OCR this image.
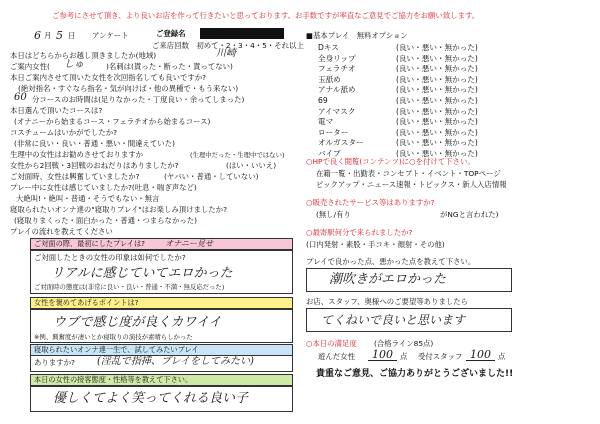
ご参考にさせて頂き、より良いお店を作って行きたいと思っております。お手数ですが率直なご意見でご協力をお願い致します。
6 月 5 日 アンケート	ご登録名
ご来店回数　初めて・2・3・4・5・それ以上
本日はどちらからお越し頂きましたか(地域)	川崎
ご案内女性( しゅ	)名刺は(貰った・断った・貰ってない)
本日ご案内させて頂いた女性を次回指名しても良いですか?
(絶対指名・すぐなら指名・気が向けば・他の異種で・もう来ない)
60 分コースのお時間は(足りなかった・丁度良い・余ってしまった)
本日選んで頂いたコースは?
(オナニーから始まるコース・フェラチオから始まるコース)
コスチュームはいかがでしたか?
(非常に良い・良い・普通・悪い・間違えていた)
生理中の女性はお勧めさせておりますか	(生理中だった・生理中ではない)
女性から2回戦・3回戦のおねだりはありましたか?	(はい・いいえ)
ご対面時、女性は興奮していましたか?	(ヤバい・普通・していない)
プレー中に女性は感じていましたか?(吐息・喘ぎ声など)
大絶叫!・絶叫・普通・そうでもない・無言
寝取られたいオンナ達の"寝取りプレイ"はお楽しみ頂けましたか?
(寝取りまくった・面白かった・普通・つまらなかった)
プレイの流れを教えてください
ご対面の際、最初にしたプレイは?	オナニー見せ
ご対面したときの女性の印象は如何でしたか?
リアルに感じていてエロかった
ご対面時の態度は(非常に良い・良い・普通・不満・無反応だった)
女性を褒めてあげるポイントは?
ウブで感じ度が良くカワイイ
※例、興奮度が凄いとか寝取りの演技が素晴らしかった
寝取られたいオンナ達一生で、試してみたいプレイ
ありますか? (淫乱で指挿、プレイをしてみたい)
本日の女性の接客態度・性格等を教えて下さい。
優しくてよく笑ってくれる良い子
■基本プレイ　無料オプション
Dキス	(良い・悪い・無かった)
全身リップ	(良い・悪い・無かった)
フェラチオ	(良い・悪い・無かった)
玉舐め	(良い・悪い・無かった)
アナル舐め	(良い・悪い・無かった)
69	(良い・悪い・無かった)
アイマスク	(良い・悪い・無かった)
電マ	(良い・悪い・無かった)
ローター	(良い・悪い・無かった)
オルガスター	(良い・悪い・無かった)
バイブ	(良い・悪い・無かった)
○HPで良く閲覧(コンテンツ)に○を付けて下さい。
在籍一覧・出勤表・コンセプト・イベント・TOPページ
ピックアップ・ニュース速報・トピックス・新人入店情報
○販売されたサービス等はありますか?
(無し/有り	がNGと言われた)
○最寄駅何分で来られましたか?
(口内発射・素股・手コキ・顔射・その他)
プレイで良かった点、悪かった点を教えて下さい。
潮吹きがエロかった
お店、スタッフ、奥様へのご要望等ありましたら
てくねいで良いと思います
○本日の満足度 (合格ライン85点)
遊んだ女性	100 点 受付スタッフ 100 点
貴重なご意見、ご協力ありがとうございました!!
